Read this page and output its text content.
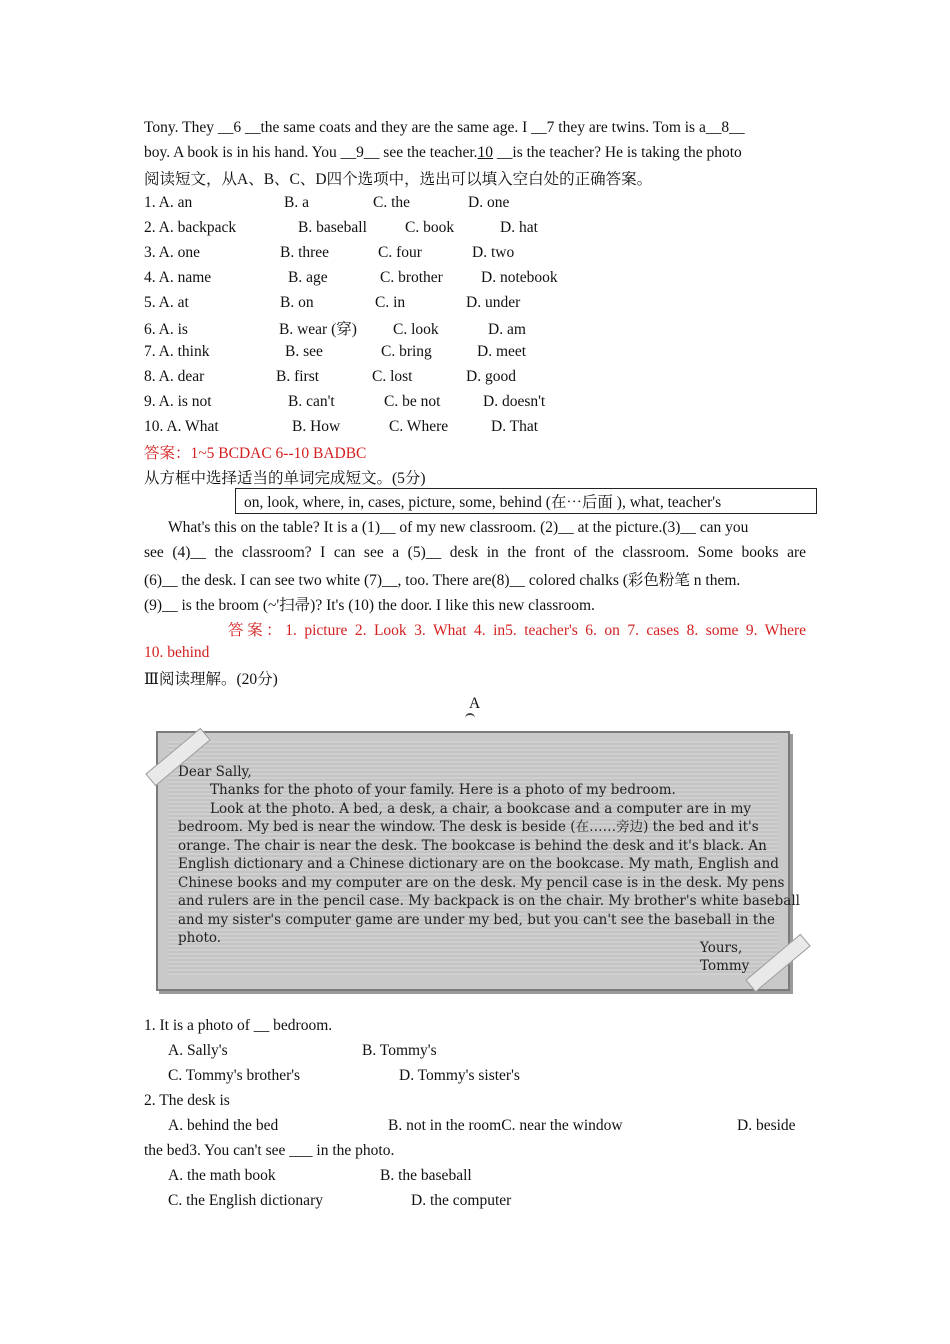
Tony. They __6 __the same coats and they are the same age. I __7 they are twins. Tom is a__8__
boy. A book is in his hand. You __9__ see the teacher.10 __is the teacher? He is taking the photo
阅读短文，从A、B、C、D四个选项中，选出可以填入空白处的正确答案。
1. A. an	B. a	C. the	D. one
2. A. backpack	B. baseball C. book	D. hat
3. A. one	B. three	C. four	D. two
4. A. name	B. age	C. brother D. notebook
5. A. at	B. on	C. in	D. under
6. A. is	B. wear (穿) C. look	D. am
7. A. think	B. see	C. bring	D. meet
8. A. dear	B. first	C. lost	D. good
9. A. is not	B. can't	C. be not	D. doesn't
10. A. What	B. How	C. Where	D. That
答案：1~5 BCDAC 6--10 BADBC
从方框中选择适当的单词完成短文。(5分)
on, look, where, in, cases, picture, some, behind (在⋯后面 ), what, teacher's
What's this on the table? It is a (1)__ of my new classroom. (2)__ at the picture.(3)__ can you
see (4)__ the classroom? I can see a (5)__ desk in the front of the classroom. Some books are
(6)__ the desk. I can see two white (7)__, too. There are(8)__ colored chalks (彩色粉笔 n them.
(9)__ is the broom (~'扫帚)? It's (10) the door. I like this new classroom.
答案：1. picture 2. Look 3. What 4. in5. teacher's 6. on 7. cases 8. some 9. Where
10. behind
Ⅲ阅读理解。(20分)
A
Dear Sally,
Thanks for the photo of your family. Here is a photo of my bedroom.
Look at the photo. A bed, a desk, a chair, a bookcase and a computer are in my
bedroom. My bed is near the window. The desk is beside (在……旁边) the bed and it's
orange. The chair is near the desk. The bookcase is behind the desk and it's black. An
English dictionary and a Chinese dictionary are on the bookcase. My math, English and
Chinese books and my computer are on the desk. My pencil case is in the desk. My pens
and rulers are in the pencil case. My backpack is on the chair. My brother's white baseball
and my sister's computer game are under my bed, but you can't see the baseball in the
photo.
Yours,
Tommy
1. It is a photo of __ bedroom.
A. Sally's	B. Tommy's
C. Tommy's brother's	D. Tommy's sister's
2. The desk is
A. behind the bed	B. not in the roomC. near the window	D. beside
the bed3. You can't see ___ in the photo.
A. the math book	B. the baseball
C. the English dictionary	D. the computer
